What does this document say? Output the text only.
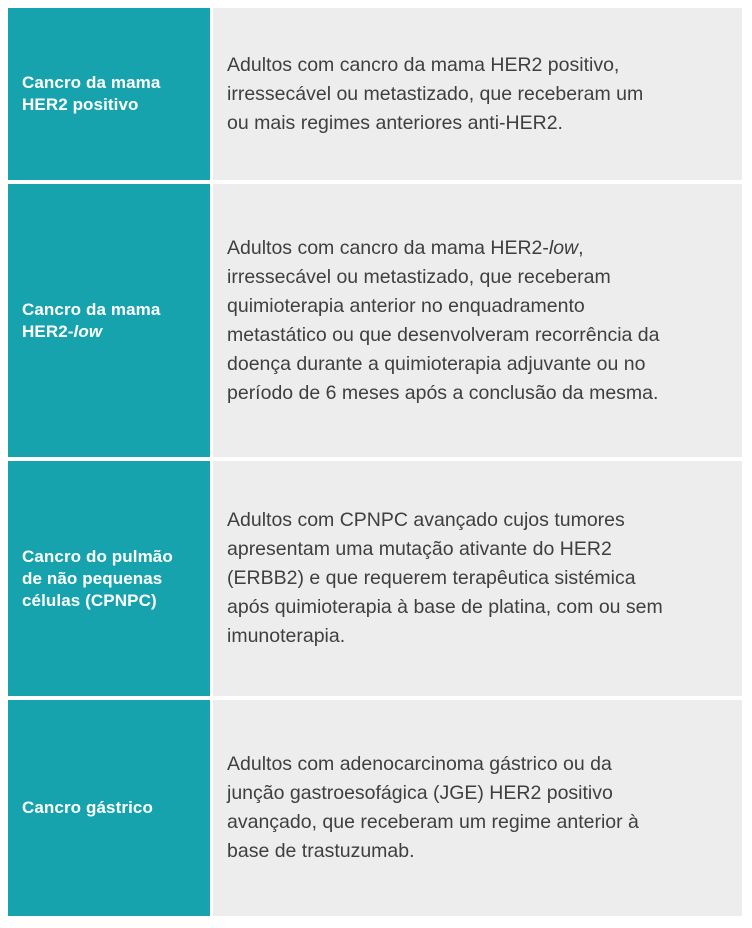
Cancro da mama
HER2 positivo
Adultos com cancro da mama HER2 positivo,
irressecável ou metastizado, que receberam um
ou mais regimes anteriores anti-HER2.
Cancro da mama
HER2-low
Adultos com cancro da mama HER2-low,
irressecável ou metastizado, que receberam
quimioterapia anterior no enquadramento
metastático ou que desenvolveram recorrência da
doença durante a quimioterapia adjuvante ou no
período de 6 meses após a conclusão da mesma.
Cancro do pulmão
de não pequenas
células (CPNPC)
Adultos com CPNPC avançado cujos tumores
apresentam uma mutação ativante do HER2
(ERBB2) e que requerem terapêutica sistémica
após quimioterapia à base de platina, com ou sem
imunoterapia.
Cancro gástrico
Adultos com adenocarcinoma gástrico ou da
junção gastroesofágica (JGE) HER2 positivo
avançado, que receberam um regime anterior à
base de trastuzumab.
